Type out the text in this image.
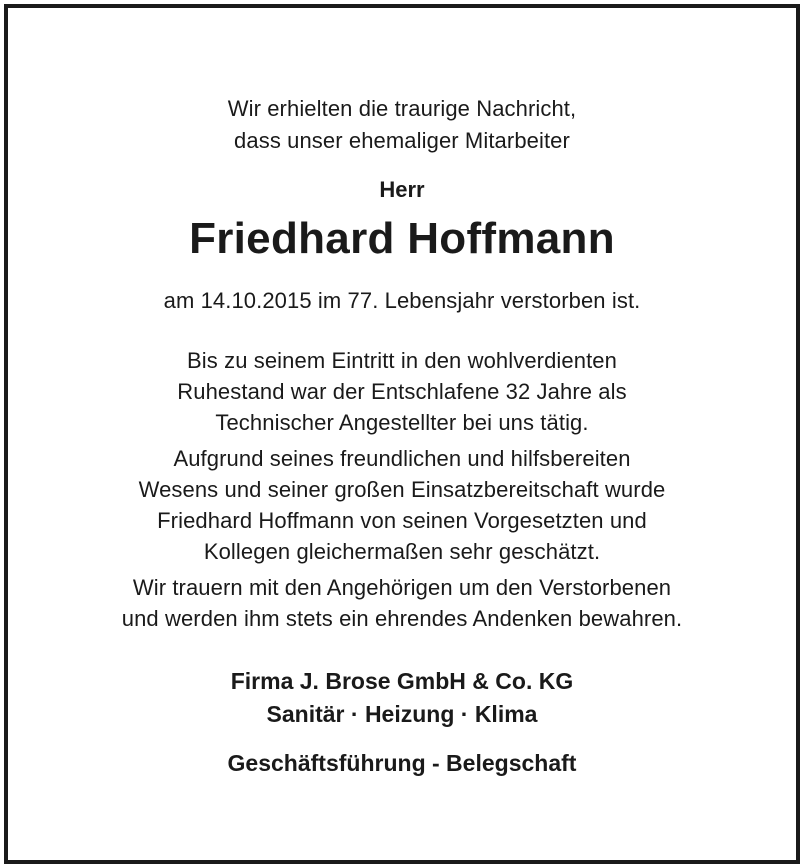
Wir erhielten die traurige Nachricht,
dass unser ehemaliger Mitarbeiter
Herr
Friedhard Hoffmann
am 14.10.2015 im 77. Lebensjahr verstorben ist.
Bis zu seinem Eintritt in den wohlverdienten
Ruhestand war der Entschlafene 32 Jahre als
Technischer Angestellter bei uns tätig.
Aufgrund seines freundlichen und hilfsbereiten
Wesens und seiner großen Einsatzbereitschaft wurde
Friedhard Hoffmann von seinen Vorgesetzten und
Kollegen gleichermaßen sehr geschätzt.
Wir trauern mit den Angehörigen um den Verstorbenen
und werden ihm stets ein ehrendes Andenken bewahren.
Firma J. Brose GmbH & Co. KG
Sanitär · Heizung · Klima
Geschäftsführung - Belegschaft
